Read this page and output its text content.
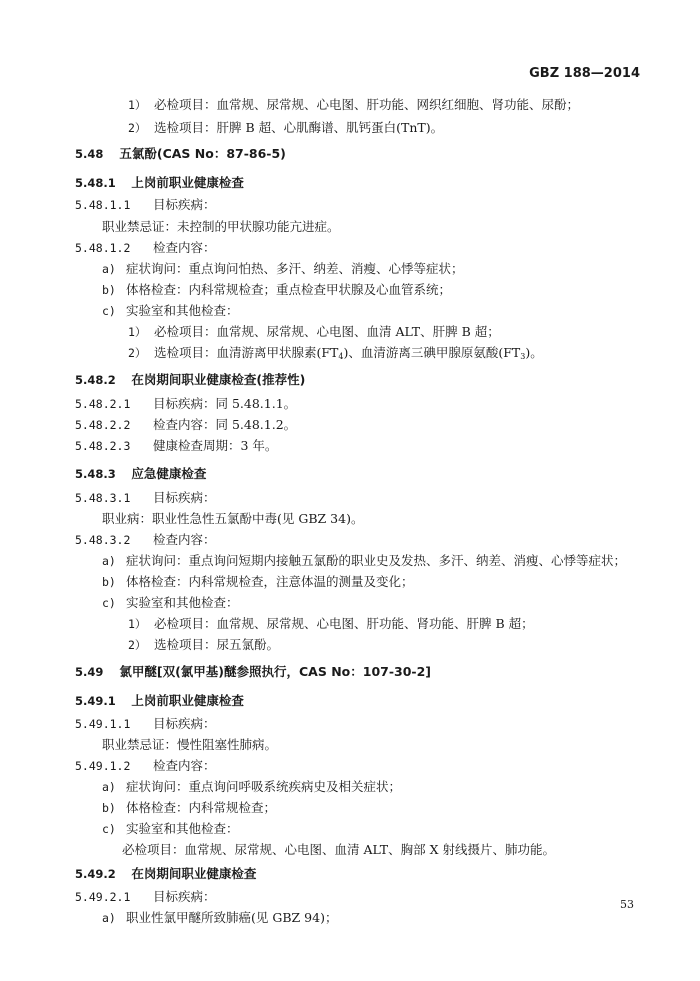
GBZ 188—2014
1） 必检项目：血常规、尿常规、心电图、肝功能、网织红细胞、肾功能、尿酚；
2） 选检项目：肝脾 B 超、心肌酶谱、肌钙蛋白(TnT)。
5.48 五氯酚(CAS No：87-86-5)
5.48.1 上岗前职业健康检查
5.48.1.1 目标疾病：
职业禁忌证：未控制的甲状腺功能亢进症。
5.48.1.2 检查内容：
a) 症状询问：重点询问怕热、多汗、纳差、消瘦、心悸等症状；
b) 体格检查：内科常规检查；重点检查甲状腺及心血管系统；
c) 实验室和其他检查：
1） 必检项目：血常规、尿常规、心电图、血清 ALT、肝脾 B 超；
2） 选检项目：血清游离甲状腺素$(FT_4)$、血清游离三碘甲腺原氨酸$(FT_3)$。
5.48.2 在岗期间职业健康检查(推荐性)
5.48.2.1 目标疾病：同 5.48.1.1。
5.48.2.2 检查内容：同 5.48.1.2。
5.48.2.3 健康检查周期：3 年。
5.48.3 应急健康检查
5.48.3.1 目标疾病：
职业病：职业性急性五氯酚中毒(见 GBZ 34)。
5.48.3.2 检查内容：
a) 症状询问：重点询问短期内接触五氯酚的职业史及发热、多汗、纳差、消瘦、心悸等症状；
b) 体格检查：内科常规检查，注意体温的测量及变化；
c) 实验室和其他检查：
1） 必检项目：血常规、尿常规、心电图、肝功能、肾功能、肝脾 B 超；
2） 选检项目：尿五氯酚。
5.49 氯甲醚[双(氯甲基)醚参照执行，CAS No：107-30-2]
5.49.1 上岗前职业健康检查
5.49.1.1 目标疾病：
职业禁忌证：慢性阻塞性肺病。
5.49.1.2 检查内容：
a) 症状询问：重点询问呼吸系统疾病史及相关症状；
b) 体格检查：内科常规检查；
c) 实验室和其他检查：
必检项目：血常规、尿常规、心电图、血清 ALT、胸部 X 射线摄片、肺功能。
5.49.2 在岗期间职业健康检查
5.49.2.1 目标疾病：
a) 职业性氯甲醚所致肺癌(见 GBZ 94)；
53
